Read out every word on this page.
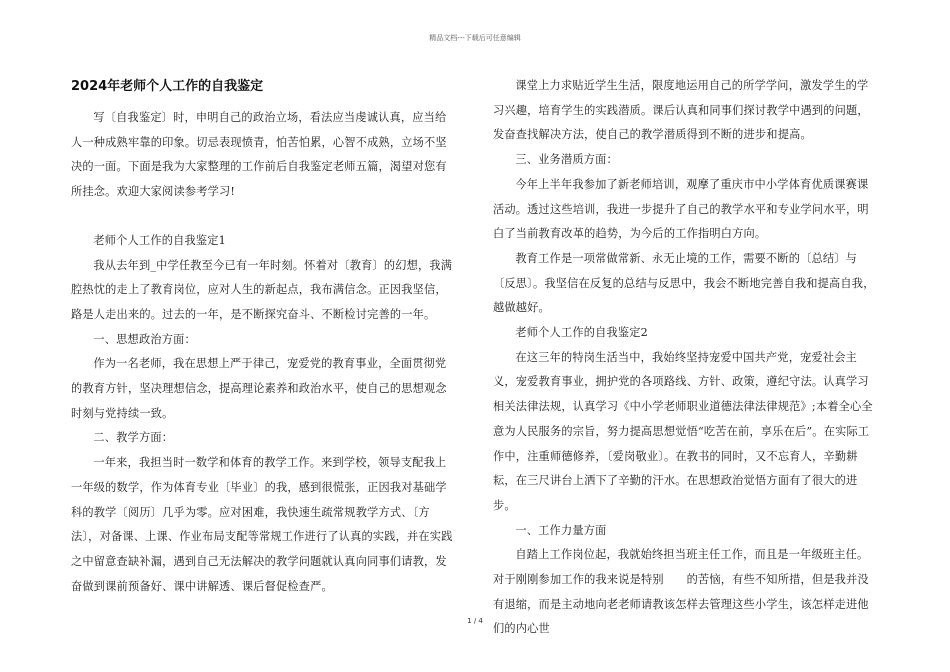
精品文档---下载后可任意编辑
2024年老师个人工作的自我鉴定

写〔自我鉴定〕时，申明自己的政治立场，看法应当虔诚认真，应当给人一种成熟牢靠的印象。切忌表现愤青，怕苦怕累，心智不成熟，立场不坚决的一面。下面是我为大家整理的工作前后自我鉴定老师五篇，渴望对您有所挂念。欢迎大家阅读参考学习!

老师个人工作的自我鉴定1

我从去年到_中学任教至今已有一年时刻。怀着对〔教育〕的幻想，我满腔热忱的走上了教育岗位，应对人生的新起点，我布满信念。正因我坚信，路是人走出来的。过去的一年，是不断探究奋斗、不断检讨完善的一年。

一、思想政治方面：

作为一名老师，我在思想上严于律己，宠爱党的教育事业，全面贯彻党的教育方针，坚决理想信念，提高理论素养和政治水平，使自己的思想观念时刻与党持续一致。

二、教学方面：

一年来，我担当时一数学和体育的教学工作。来到学校，领导支配我上一年级的数学，作为体育专业〔毕业〕的我，感到很慌张，正因我对基础学科的教学〔阅历〕几乎为零。应对困难，我快速生疏常规教学方式、〔方法〕，对备课、上课、作业布局支配等常规工作进行了认真的实践，并在实践之中留意查缺补漏，遇到自己无法解决的教学问题就认真向同事们请教，发奋做到课前预备好、课中讲解透、课后督促检查严。

课堂上力求贴近学生生活，限度地运用自己的所学学问，激发学生的学习兴趣，培育学生的实践潜质。课后认真和同事们探讨教学中遇到的问题，发奋查找解决方法，使自己的教学潜质得到不断的进步和提高。

三、业务潜质方面：

今年上半年我参加了新老师培训，观摩了重庆市中小学体育优质课赛课活动。透过这些培训，我进一步提升了自己的教学水平和专业学问水平，明白了当前教育改革的趋势，为今后的工作指明白方向。

教育工作是一项常做常新、永无止境的工作，需要不断的〔总结〕与〔反思〕。我坚信在反复的总结与反思中，我会不断地完善自我和提高自我，越做越好。

老师个人工作的自我鉴定2

在这三年的特岗生活当中，我始终坚持宠爱中国共产党，宠爱社会主义，宠爱教育事业，拥护党的各项路线、方针、政策，遵纪守法。认真学习相关法律法规，认真学习《中小学老师职业道德法律法律规范》;本着全心全意为人民服务的宗旨，努力提高思想觉悟“吃苦在前，享乐在后”。在实际工作中，注重师德修养，〔爱岗敬业〕。在教书的同时，又不忘育人，辛勤耕耘，在三尺讲台上洒下了辛勤的汗水。在思想政治觉悟方面有了很大的进步。

一、工作力量方面

自踏上工作岗位起，我就始终担当班主任工作，而且是一年级班主任。对于刚刚参加工作的我来说是特别　　的苦恼，有些不知所措，但是我并没有退缩，而是主动地向老老师请教该怎样去管理这些小学生，该怎样走进他们的内心世

1 / 4
